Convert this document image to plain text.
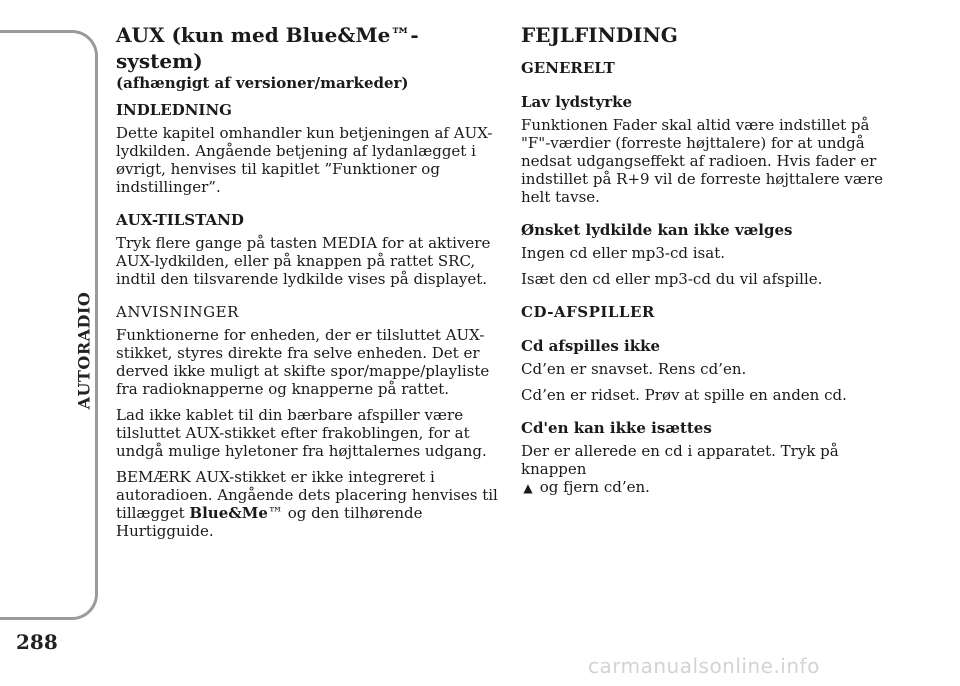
AUTORADIO
288
AUX (kun med Blue&Me™-system)
(afhængigt af versioner/markeder)
INDLEDNING

Dette kapitel omhandler kun betjeningen af AUX-lydkilden. Angående betjening af lydanlægget i øvrigt, henvises til kapitlet ”Funktioner og indstillinger”.

AUX-TILSTAND

Tryk flere gange på tasten MEDIA for at aktivere AUX-lydkilden, eller på knappen på rattet SRC, indtil den tilsvarende lydkilde vises på displayet.

ANVISNINGER

Funktionerne for enheden, der er tilsluttet AUX-stikket, styres direkte fra selve enheden. Det er derved ikke muligt at skifte spor/mappe/playliste fra radioknapperne og knapperne på rattet.

Lad ikke kablet til din bærbare afspiller være tilsluttet AUX-stikket efter frakoblingen, for at undgå mulige hyletoner fra højttalernes udgang.

BEMÆRK AUX-stikket er ikke integreret i autoradioen. Angående dets placering henvises til tillægget Blue&Me™ og den tilhørende Hurtigguide.

FEJLFINDING
GENERELT
Lav lydstyrke

Funktionen Fader skal altid være indstillet på "F"-værdier (forreste højttalere) for at undgå nedsat udgangseffekt af radioen. Hvis fader er indstillet på R+9 vil de forreste højttalere være helt tavse.

Ønsket lydkilde kan ikke vælges

Ingen cd eller mp3-cd isat.

Isæt den cd eller mp3-cd du vil afspille.

CD-AFSPILLER
Cd afspilles ikke

Cd’en er snavset. Rens cd’en.

Cd’en er ridset. Prøv at spille en anden cd.

Cd'en kan ikke isættes

Der er allerede en cd i apparatet. Tryk på knappen
▲ og fjern cd’en.

carmanualsonline.info
